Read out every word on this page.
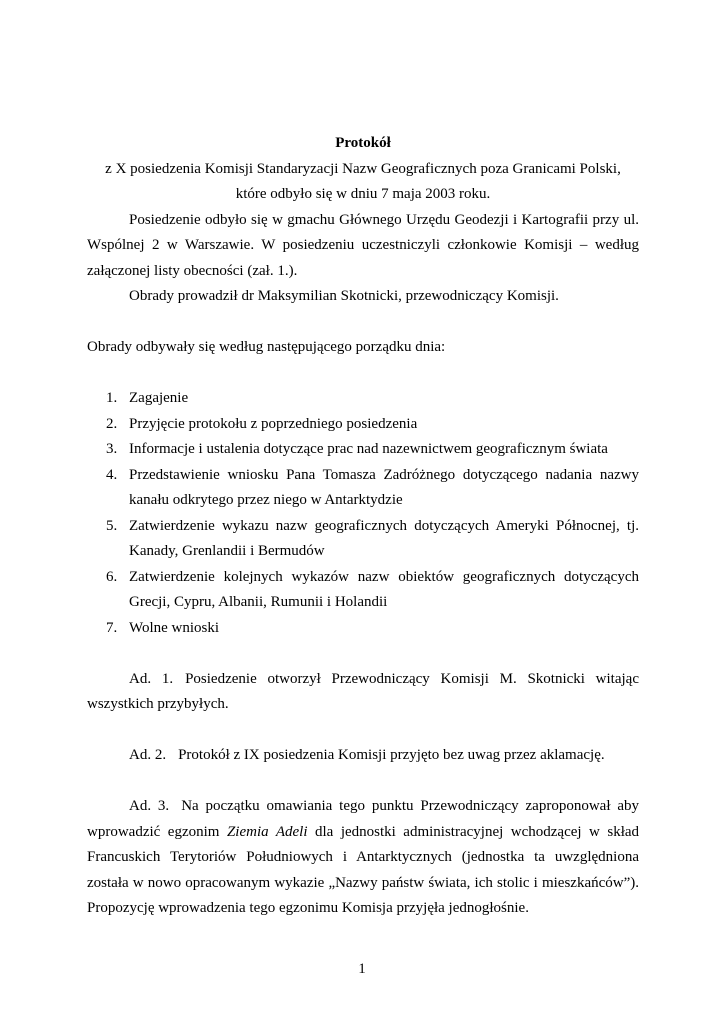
Protokół

z X posiedzenia Komisji Standaryzacji Nazw Geograficznych poza Granicami Polski,

które odbyło się w dniu 7 maja 2003 roku.

Posiedzenie odbyło się w gmachu Głównego Urzędu Geodezji i Kartografii przy ul. Wspólnej 2 w Warszawie. W posiedzeniu uczestniczyli członkowie Komisji – według załączonej listy obecności (zał. 1.).

Obrady prowadził dr Maksymilian Skotnicki, przewodniczący Komisji.

Obrady odbywały się według następującego porządku dnia:

1. Zagajenie
2. Przyjęcie protokołu z poprzedniego posiedzenia
3. Informacje i ustalenia dotyczące prac nad nazewnictwem geograficznym świata
4. Przedstawienie wniosku Pana Tomasza Zadróżnego dotyczącego nadania nazwy kanału odkrytego przez niego w Antarktydzie
5. Zatwierdzenie wykazu nazw geograficznych dotyczących Ameryki Północnej, tj. Kanady, Grenlandii i Bermudów
6. Zatwierdzenie kolejnych wykazów nazw obiektów geograficznych dotyczących Grecji, Cypru, Albanii, Rumunii i Holandii
7. Wolne wnioski

Ad. 1. Posiedzenie otworzył Przewodniczący Komisji M. Skotnicki witając wszystkich przybyłych.

Ad. 2. Protokół z IX posiedzenia Komisji przyjęto bez uwag przez aklamację.

Ad. 3. Na początku omawiania tego punktu Przewodniczący zaproponował aby wprowadzić egzonim Ziemia Adeli dla jednostki administracyjnej wchodzącej w skład Francuskich Terytoriów Południowych i Antarktycznych (jednostka ta uwzględniona została w nowo opracowanym wykazie „Nazwy państw świata, ich stolic i mieszkańców”). Propozycję wprowadzenia tego egzonimu Komisja przyjęła jednogłośnie.

1
